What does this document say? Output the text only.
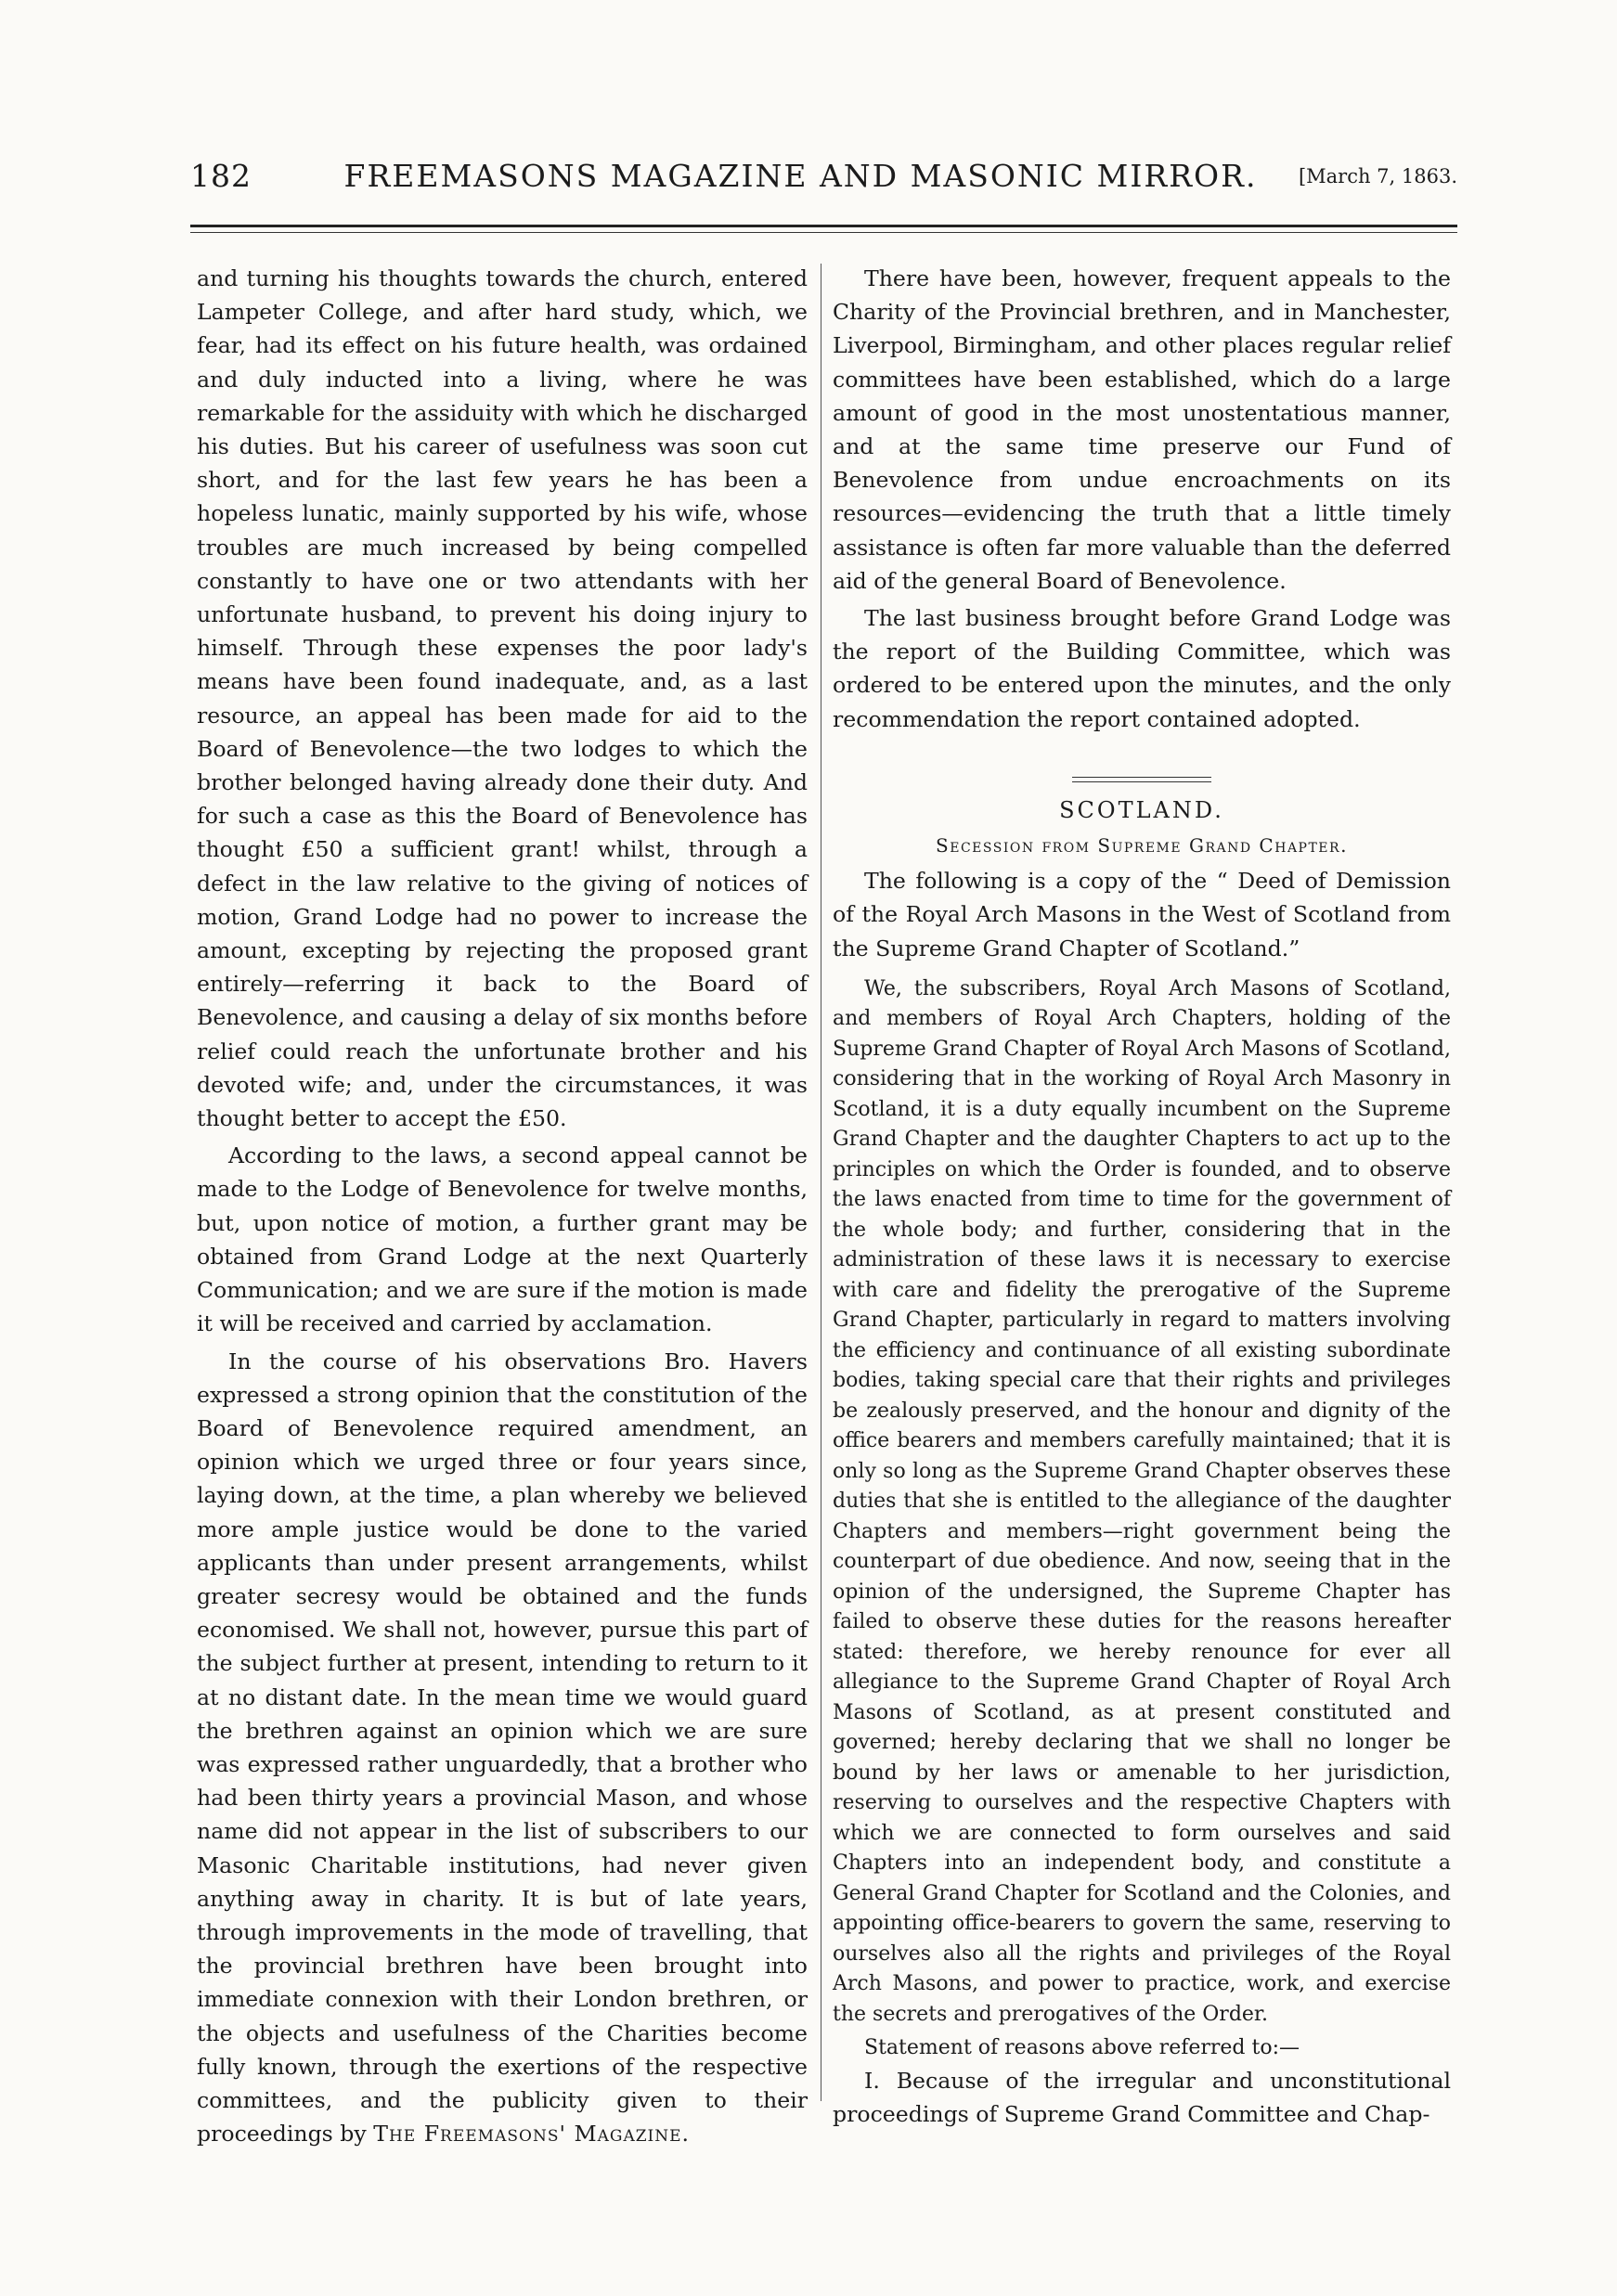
182	FREEMASONS MAGAZINE AND MASONIC MIRROR.	[March 7, 1863.

and turning his thoughts towards the church, entered Lampeter College, and after hard study, which, we fear, had its effect on his future health, was ordained and duly inducted into a living, where he was remarkable for the assiduity with which he discharged his duties. But his career of usefulness was soon cut short, and for the last few years he has been a hopeless lunatic, mainly supported by his wife, whose troubles are much increased by being compelled constantly to have one or two attendants with her unfortunate husband, to prevent his doing injury to himself. Through these expenses the poor lady's means have been found inadequate, and, as a last resource, an appeal has been made for aid to the Board of Benevolence—the two lodges to which the brother belonged having already done their duty. And for such a case as this the Board of Benevolence has thought £50 a sufficient grant! whilst, through a defect in the law relative to the giving of notices of motion, Grand Lodge had no power to increase the amount, excepting by rejecting the proposed grant entirely—referring it back to the Board of Benevolence, and causing a delay of six months before relief could reach the unfortunate brother and his devoted wife; and, under the circumstances, it was thought better to accept the £50.

According to the laws, a second appeal cannot be made to the Lodge of Benevolence for twelve months, but, upon notice of motion, a further grant may be obtained from Grand Lodge at the next Quarterly Communication; and we are sure if the motion is made it will be received and carried by acclamation.

In the course of his observations Bro. Havers expressed a strong opinion that the constitution of the Board of Benevolence required amendment, an opinion which we urged three or four years since, laying down, at the time, a plan whereby we believed more ample justice would be done to the varied applicants than under present arrangements, whilst greater secresy would be obtained and the funds economised. We shall not, however, pursue this part of the subject further at present, intending to return to it at no distant date. In the mean time we would guard the brethren against an opinion which we are sure was expressed rather unguardedly, that a brother who had been thirty years a provincial Mason, and whose name did not appear in the list of subscribers to our Masonic Charitable institutions, had never given anything away in charity. It is but of late years, through improvements in the mode of travelling, that the provincial brethren have been brought into immediate connexion with their London brethren, or the objects and usefulness of the Charities become fully known, through the exertions of the respective committees, and the publicity given to their proceedings by The Freemasons' Magazine.

There have been, however, frequent appeals to the Charity of the Provincial brethren, and in Manchester, Liverpool, Birmingham, and other places regular relief committees have been established, which do a large amount of good in the most unostentatious manner, and at the same time preserve our Fund of Benevolence from undue encroachments on its resources—evidencing the truth that a little timely assistance is often far more valuable than the deferred aid of the general Board of Benevolence.

The last business brought before Grand Lodge was the report of the Building Committee, which was ordered to be entered upon the minutes, and the only recommendation the report contained adopted.

SCOTLAND.

Secession from Supreme Grand Chapter.

The following is a copy of the “ Deed of Demission of the Royal Arch Masons in the West of Scotland from the Supreme Grand Chapter of Scotland.”

We, the subscribers, Royal Arch Masons of Scotland, and members of Royal Arch Chapters, holding of the Supreme Grand Chapter of Royal Arch Masons of Scotland, considering that in the working of Royal Arch Masonry in Scotland, it is a duty equally incumbent on the Supreme Grand Chapter and the daughter Chapters to act up to the principles on which the Order is founded, and to observe the laws enacted from time to time for the government of the whole body; and further, considering that in the administration of these laws it is necessary to exercise with care and fidelity the prerogative of the Supreme Grand Chapter, particularly in regard to matters involving the efficiency and continuance of all existing subordinate bodies, taking special care that their rights and privileges be zealously preserved, and the honour and dignity of the office bearers and members carefully maintained; that it is only so long as the Supreme Grand Chapter observes these duties that she is entitled to the allegiance of the daughter Chapters and members—right government being the counterpart of due obedience. And now, seeing that in the opinion of the undersigned, the Supreme Chapter has failed to observe these duties for the reasons hereafter stated: therefore, we hereby renounce for ever all allegiance to the Supreme Grand Chapter of Royal Arch Masons of Scotland, as at present constituted and governed; hereby declaring that we shall no longer be bound by her laws or amenable to her jurisdiction, reserving to ourselves and the respective Chapters with which we are connected to form ourselves and said Chapters into an independent body, and constitute a General Grand Chapter for Scotland and the Colonies, and appointing office-bearers to govern the same, reserving to ourselves also all the rights and privileges of the Royal Arch Masons, and power to practice, work, and exercise the secrets and prerogatives of the Order.

Statement of reasons above referred to:—

I. Because of the irregular and unconstitutional proceedings of Supreme Grand Committee and Chap-
